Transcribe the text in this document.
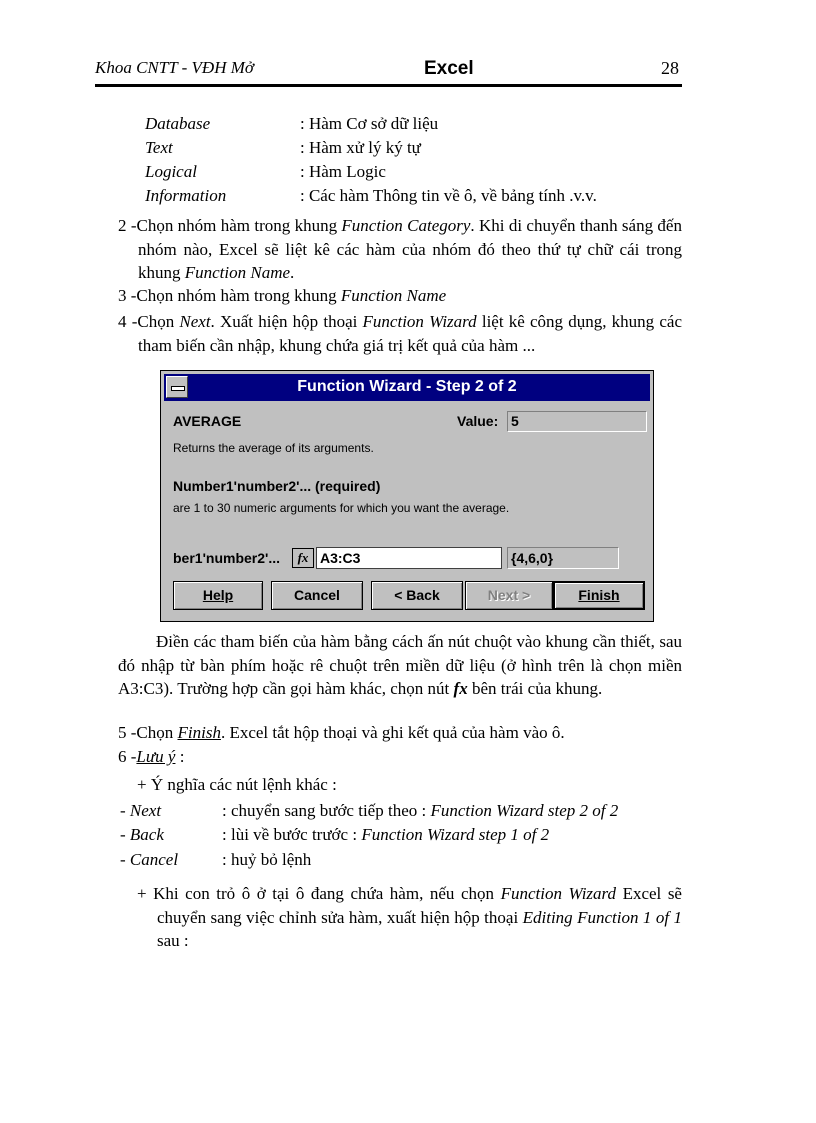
Khoa CNTT - VĐH Mở	Excel	28
Database	: Hàm Cơ sở dữ liệu
Text	: Hàm xử lý ký tự
Logical	: Hàm Logic
Information	: Các hàm Thông tin về ô, về bảng tính .v.v.
2 -Chọn nhóm hàm trong khung Function Category. Khi di chuyển thanh sáng đến nhóm nào, Excel sẽ liệt kê các hàm của nhóm đó theo thứ tự chữ cái trong khung Function Name.
3 -Chọn nhóm hàm trong khung Function Name
4 -Chọn Next. Xuất hiện hộp thoại Function Wizard liệt kê công dụng, khung các tham biến cần nhập, khung chứa giá trị kết quả của hàm ...
Function Wizard - Step 2 of 2
AVERAGE	Value: 5
Returns the average of its arguments.
Number1'number2'... (required)
are 1 to 30 numeric arguments for which you want the average.
ber1'number2'...	fx A3:C3	{4,6,0}
Help	Cancel	< Back	Next >	Finish
Điền các tham biến của hàm bằng cách ấn nút chuột vào khung cần thiết, sau đó nhập từ bàn phím hoặc rê chuột trên miền dữ liệu (ở hình trên là chọn miền A3:C3). Trường hợp cần gọi hàm khác, chọn nút fx bên trái của khung.
5 -Chọn Finish. Excel tắt hộp thoại và ghi kết quả của hàm vào ô.
6 -Lưu ý :
+ Ý nghĩa các nút lệnh khác :
- Next	: chuyển sang bước tiếp theo : Function Wizard step 2 of 2
- Back	: lùi về bước trước : Function Wizard step 1 of 2
- Cancel	: huỷ bỏ lệnh
+ Khi con trỏ ô ở tại ô đang chứa hàm, nếu chọn Function Wizard Excel sẽ chuyển sang việc chỉnh sửa hàm, xuất hiện hộp thoại Editing Function 1 of 1 sau :
